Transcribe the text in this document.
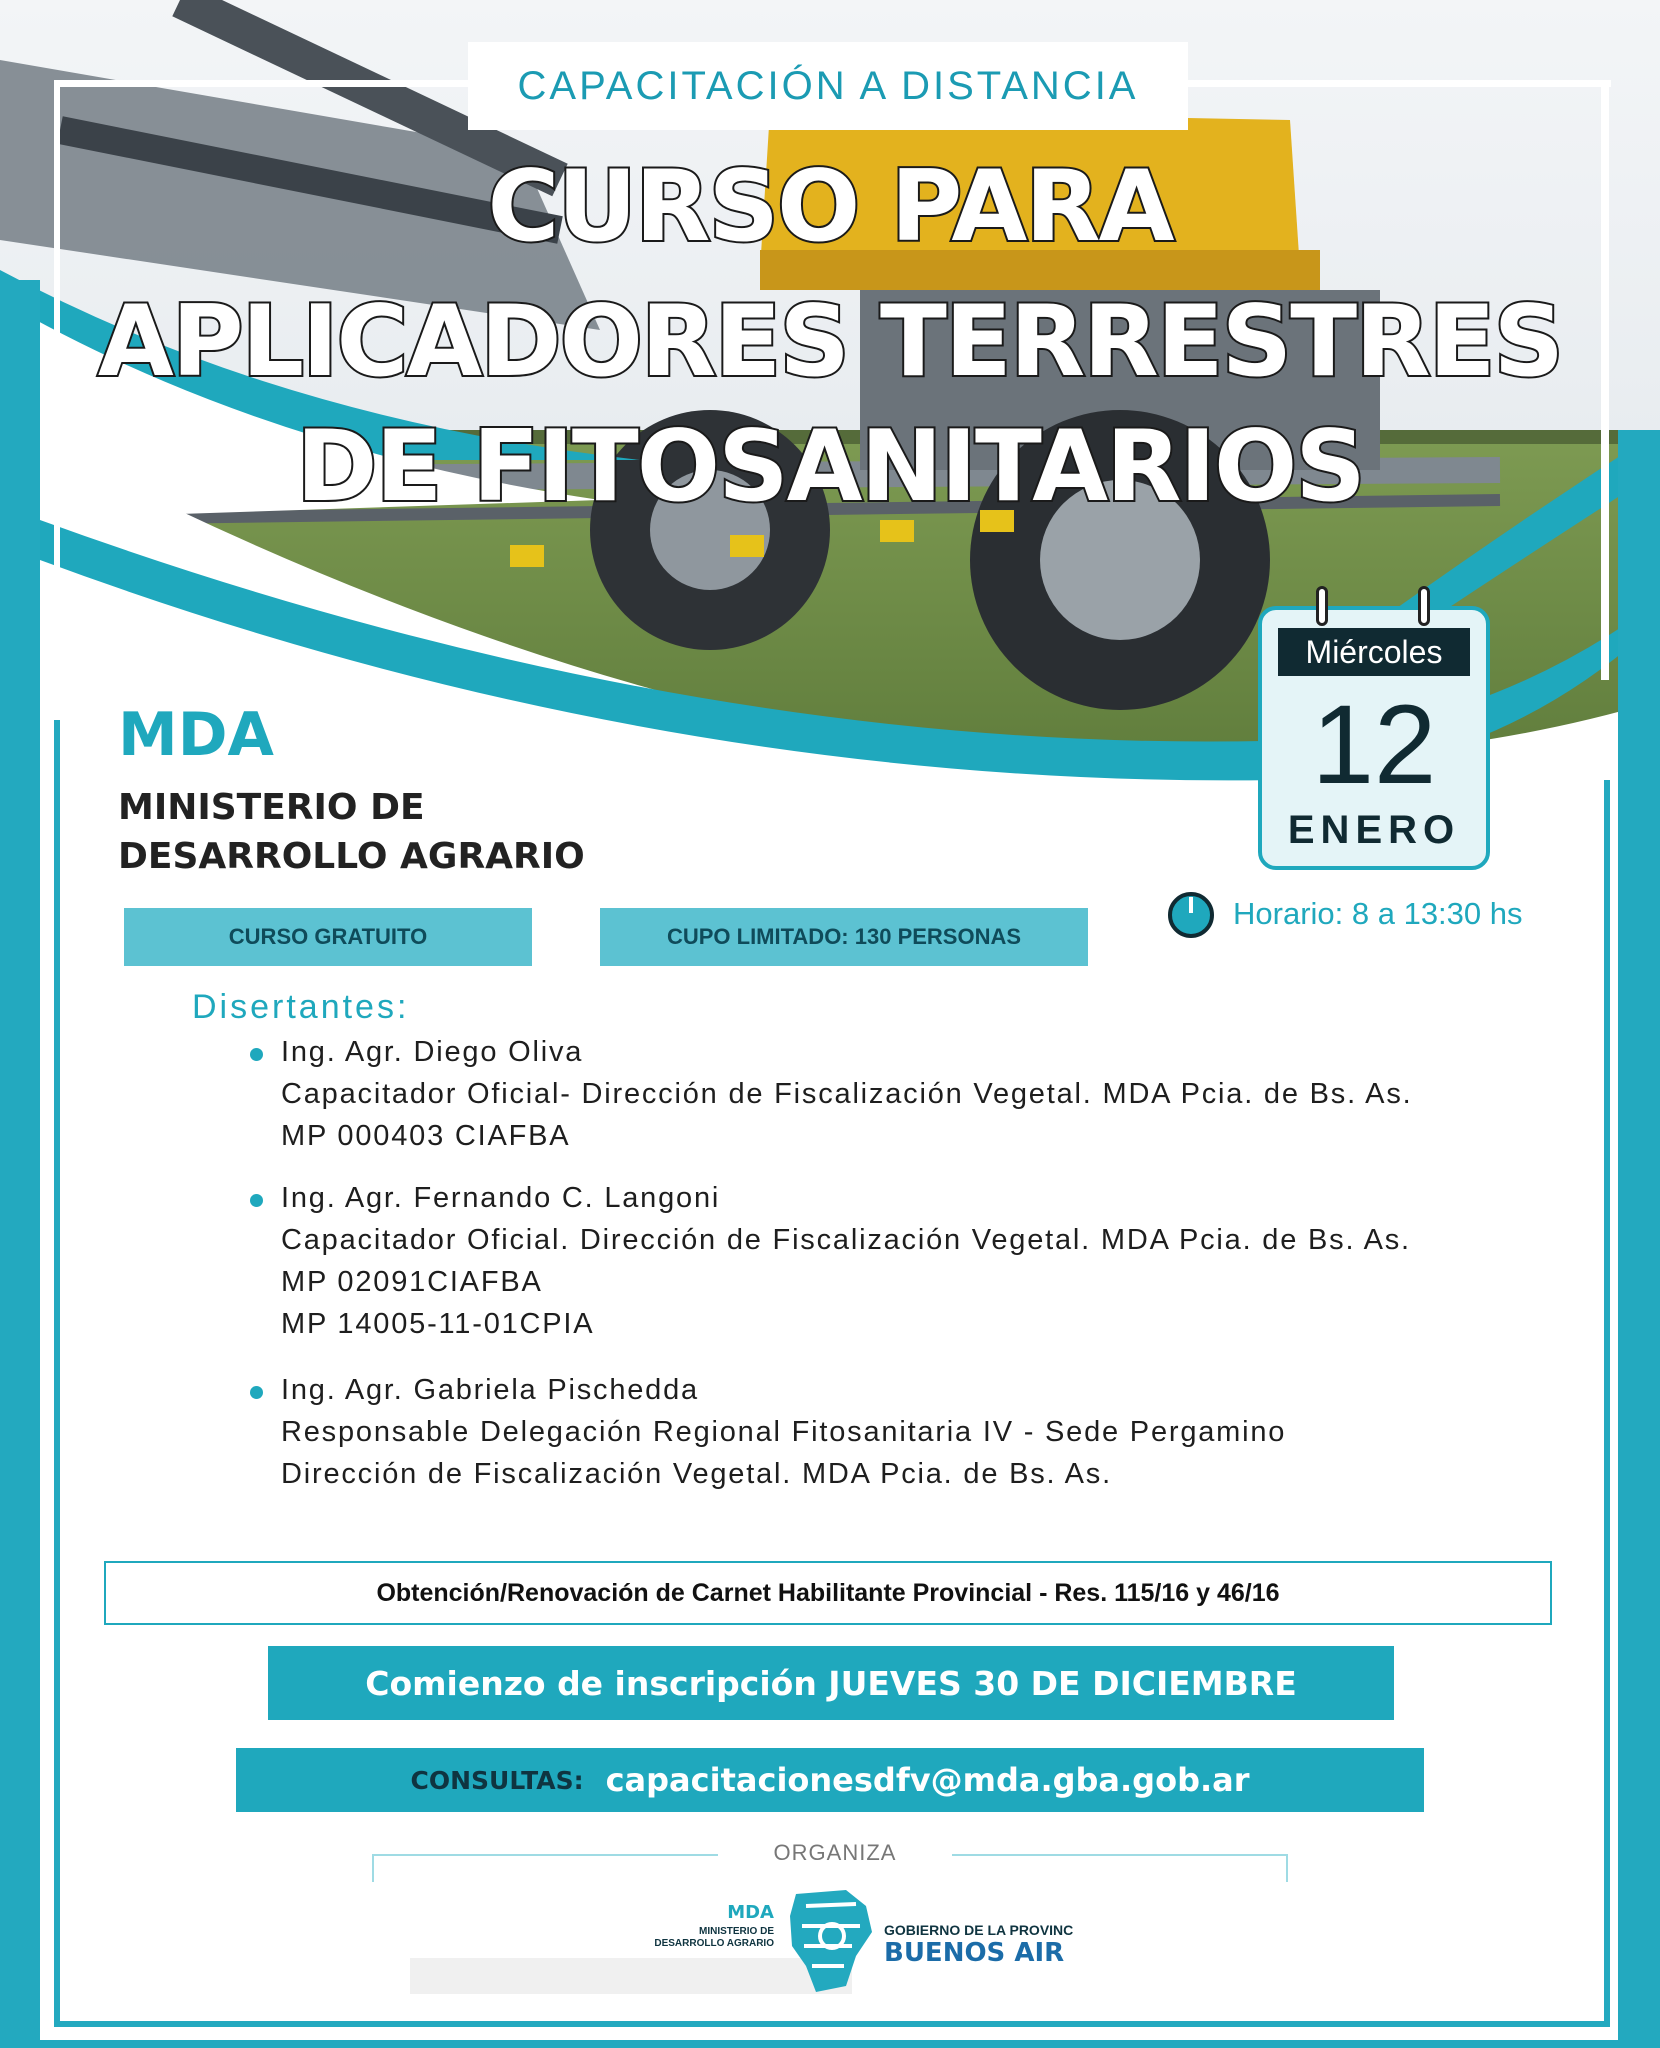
CAPACITACIÓN A DISTANCIA
CURSO PARA
APLICADORES TERRESTRES
DE FITOSANITARIOS
MDA
MINISTERIO DE
DESARROLLO AGRARIO
Miércoles
12
ENERO
CURSO GRATUITO	CUPO LIMITADO: 130 PERSONAS
Horario: 8 a 13:30 hs
Disertantes:
Ing. Agr. Diego Oliva
Capacitador Oficial- Dirección de Fiscalización Vegetal. MDA Pcia. de Bs. As.
MP 000403 CIAFBA
Ing. Agr. Fernando C. Langoni
Capacitador Oficial. Dirección de Fiscalización Vegetal. MDA Pcia. de Bs. As.
MP 02091CIAFBA
MP 14005-11-01CPIA
Ing. Agr. Gabriela Pischedda
Responsable Delegación Regional Fitosanitaria IV - Sede Pergamino
Dirección de Fiscalización Vegetal. MDA Pcia. de Bs. As.
Obtención/Renovación de Carnet Habilitante Provincial - Res. 115/16 y 46/16
Comienzo de inscripción JUEVES 30 DE DICIEMBRE
CONSULTAS: capacitacionesdfv@mda.gba.gob.ar
ORGANIZA
MDA
MINISTERIO DE
DESARROLLO AGRARIO
GOBIERNO DE LA PROVINC
BUENOS AIR
